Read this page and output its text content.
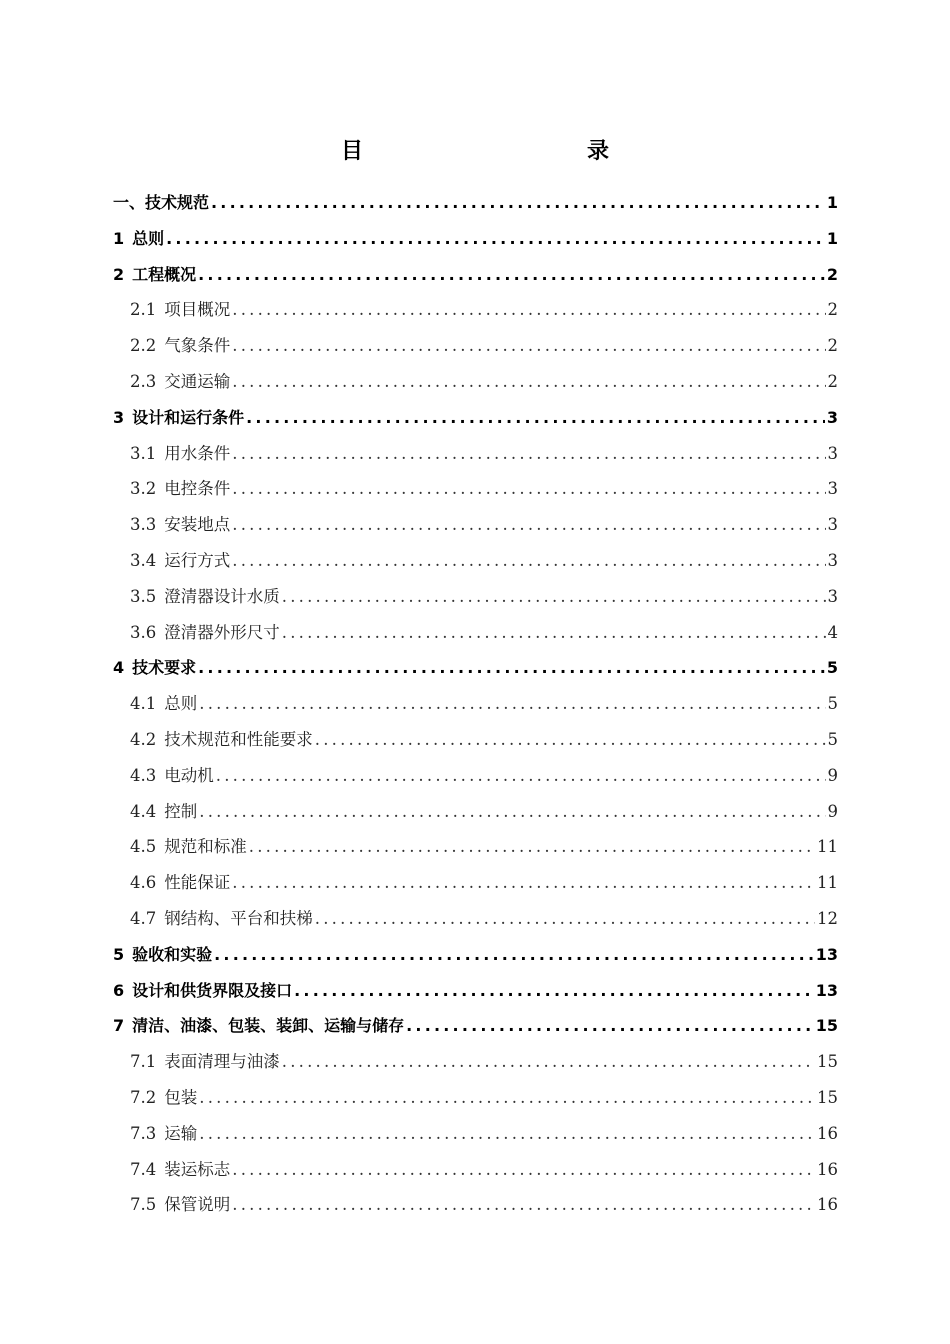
目　　录
一、技术规范 .....	1
1 总则 .....	1
2 工程概况 .....	2
2.1 项目概况 .....	2
2.2 气象条件 .....	2
2.3 交通运输 .....	2
3 设计和运行条件 .....	3
3.1 用水条件 .....	3
3.2 电控条件 .....	3
3.3 安装地点 .....	3
3.4 运行方式 .....	3
3.5 澄清器设计水质 .....	3
3.6 澄清器外形尺寸 .....	4
4 技术要求 .....	5
4.1 总则 .....	5
4.2 技术规范和性能要求 .....	5
4.3 电动机 .....	9
4.4 控制 .....	9
4.5 规范和标准 .....	11
4.6 性能保证 .....	11
4.7 钢结构、平台和扶梯 .....	12
5 验收和实验 .....	13
6 设计和供货界限及接口 .....	13
7 清洁、油漆、包装、装卸、运输与储存 .....	15
7.1 表面清理与油漆 .....	15
7.2 包装 .....	15
7.3 运输 .....	16
7.4 装运标志 .....	16
7.5 保管说明 .....	16
